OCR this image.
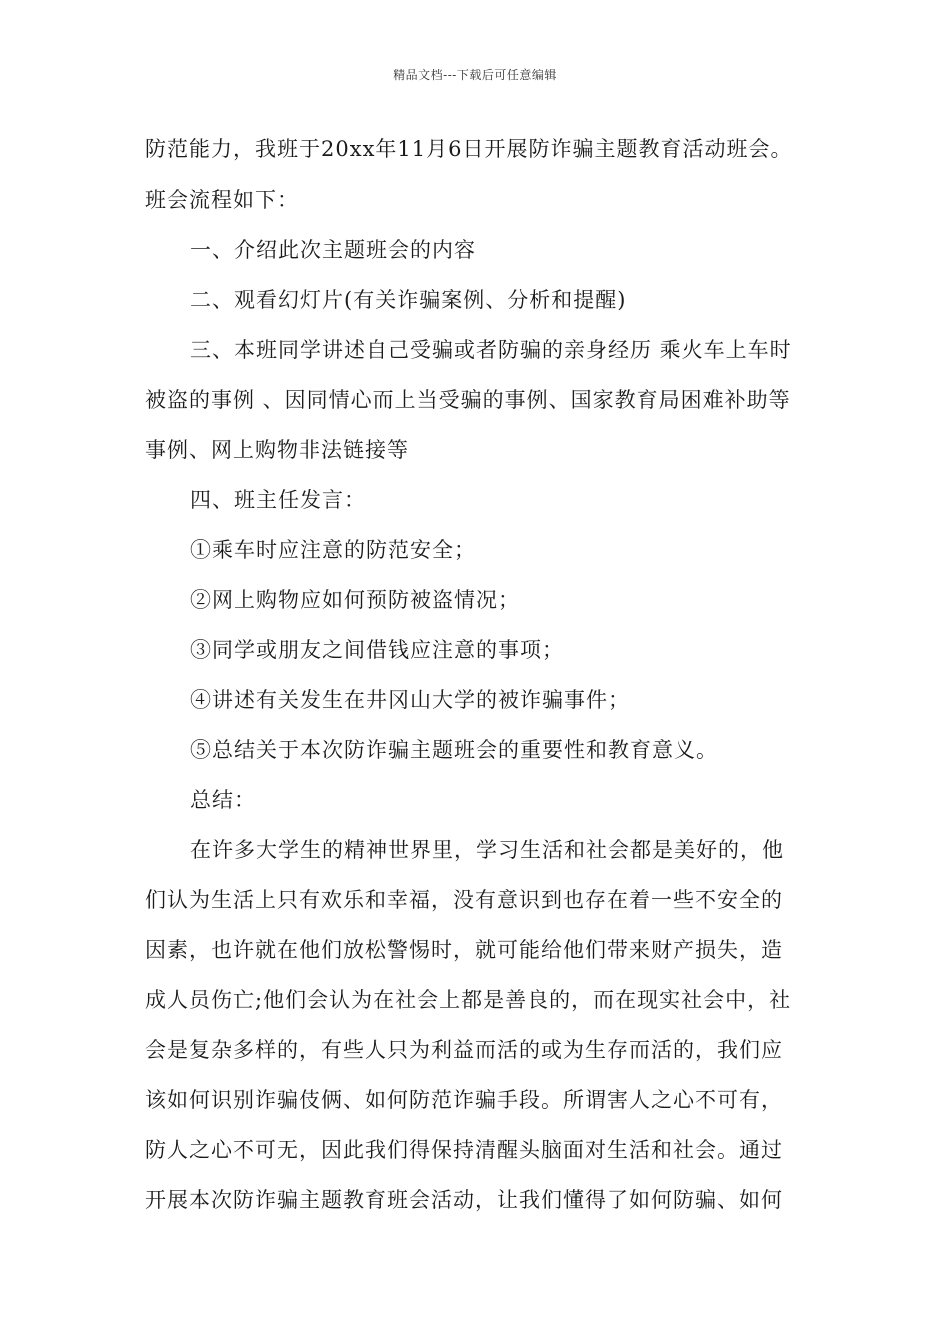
精品文档---下载后可任意编辑
防范能力，我班于20xx年11月6日开展防诈骗主题教育活动班会。
班会流程如下：
一、介绍此次主题班会的内容
二、观看幻灯片(有关诈骗案例、分析和提醒)
三、本班同学讲述自己受骗或者防骗的亲身经历 乘火车上车时
被盗的事例 、因同情心而上当受骗的事例、国家教育局困难补助等
事例、网上购物非法链接等
四、班主任发言：
①乘车时应注意的防范安全；
②网上购物应如何预防被盗情况；
③同学或朋友之间借钱应注意的事项；
④讲述有关发生在井冈山大学的被诈骗事件；
⑤总结关于本次防诈骗主题班会的重要性和教育意义。
总结：
在许多大学生的精神世界里，学习生活和社会都是美好的，他
们认为生活上只有欢乐和幸福，没有意识到也存在着一些不安全的
因素，也许就在他们放松警惕时，就可能给他们带来财产损失，造
成人员伤亡;他们会认为在社会上都是善良的，而在现实社会中，社
会是复杂多样的，有些人只为利益而活的或为生存而活的，我们应
该如何识别诈骗伎俩、如何防范诈骗手段。所谓害人之心不可有，
防人之心不可无，因此我们得保持清醒头脑面对生活和社会。通过
开展本次防诈骗主题教育班会活动，让我们懂得了如何防骗、如何
